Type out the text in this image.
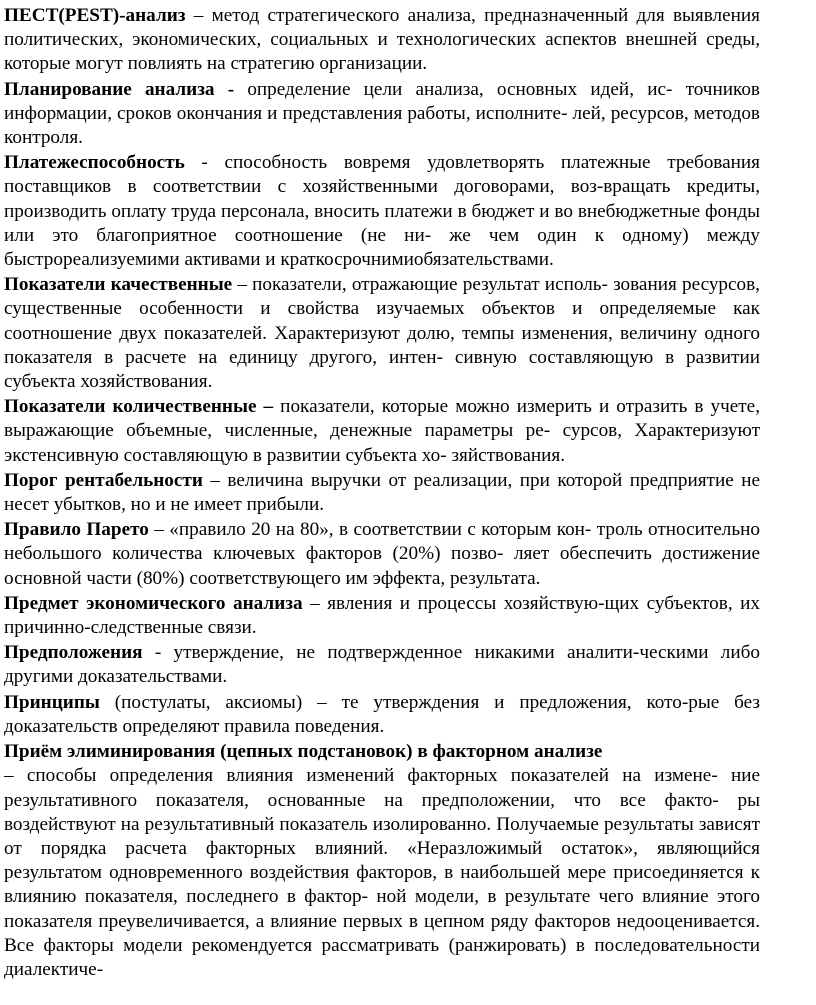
ПЕСТ(PEST)-анализ – метод стратегического анализа, предназначенный для выявления политических, экономических, социальных и технологических аспектов внешней среды, которые могут повлиять на стратегию организации.

Планирование анализа - определение цели анализа, основных идей, ис- точников информации, сроков окончания и представления работы, исполните- лей, ресурсов, методов контроля.

Платежеспособность - способность вовремя удовлетворять платежные требования поставщиков в соответствии с хозяйственными договорами, воз-вращать кредиты, производить оплату труда персонала, вносить платежи в бюджет и во внебюджетные фонды или это благоприятное соотношение (не ни- же чем один к одному) между быстрореализуемими активами и краткосрочнимиобязательствами.

Показатели качественные – показатели, отражающие результат исполь- зования ресурсов, существенные особенности и свойства изучаемых объектов и определяемые как соотношение двух показателей. Характеризуют долю, темпы изменения, величину одного показателя в расчете на единицу другого, интен- сивную составляющую в развитии субъекта хозяйствования.

Показатели количественные – показатели, которые можно измерить и отразить в учете, выражающие объемные, численные, денежные параметры ре- сурсов, Характеризуют экстенсивную составляющую в развитии субъекта хо- зяйствования.

Порог рентабельности – величина выручки от реализации, при которой предприятие не несет убытков, но и не имеет прибыли.

Правило Парето – «правило 20 на 80», в соответствии с которым кон- троль относительно небольшого количества ключевых факторов (20%) позво- ляет обеспечить достижение основной части (80%) соответствующего им эффекта, результата.

Предмет экономического анализа – явления и процессы хозяйствую-щих субъектов, их причинно-следственные связи.

Предположения - утверждение, не подтвержденное никакими аналити-ческими либо другими доказательствами.

Принципы (постулаты, аксиомы) – те утверждения и предложения, кото-рые без доказательств определяют правила поведения.

Приём элиминирования (цепных подстановок) в факторном анализе
– способы определения влияния изменений факторных показателей на измене- ние результативного показателя, основанные на предположении, что все факто- ры воздействуют на результативный показатель изолированно. Получаемые результаты зависят от порядка расчета факторных влияний. «Неразложимый остаток», являющийся результатом одновременного воздействия факторов, в наибольшей мере присоединяется к влиянию показателя, последнего в фактор- ной модели, в результате чего влияние этого показателя преувеличивается, а влияние первых в цепном ряду факторов недооценивается. Все факторы модели рекомендуется рассматривать (ранжировать) в последовательности диалектиче-
